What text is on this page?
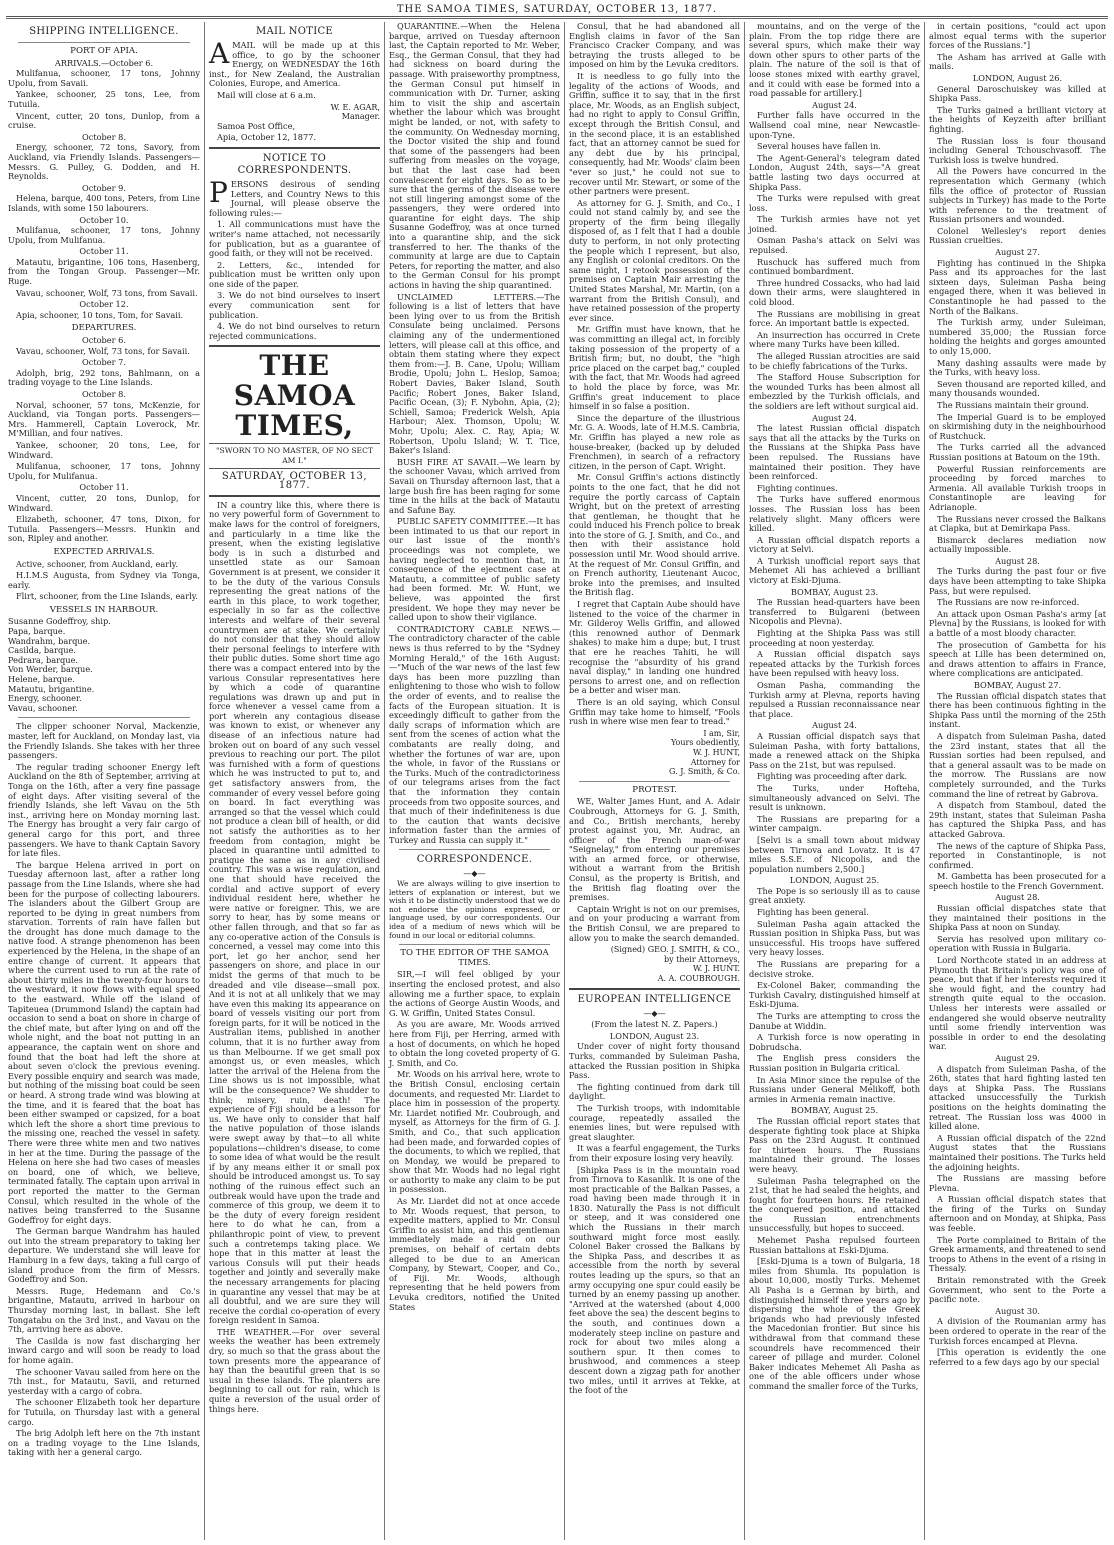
THE SAMOA TIMES, SATURDAY, OCTOBER 13, 1877.
SHIPPING INTELLIGENCE.
PORT OF APIA.
ARRIVALS.—October 6.
Mulifanua, schooner, 17 tons, Johnny Upolu, from Savaii.
Yankee, schooner, 25 tons, Lee, from Tutuila.
Vincent, cutter, 20 tons, Dunlop, from a cruise.
October 8.
Energy, schooner, 72 tons, Savory, from Auckland, via Friendly Islands. Passengers—Messrs. G. Pulley, G. Dodden, and H. Reynolds.
October 9.
Helena, barque, 400 tons, Peters, from Line Islands, with some 150 labourers.
October 10.
Mulifanua, schooner, 17 tons, Johnny Upolu, from Mulifanua.
October 11.
Matautu, brigantine, 106 tons, Hasenberg, from the Tongan Group. Passenger—Mr. Ruge.
Vavau, schooner, Wolf, 73 tons, from Savaii.
October 12.
Apia, schooner, 10 tons, Tom, for Savaii.
DEPARTURES.
October 6.
Vavau, schooner, Wolf, 73 tons, for Savaii.
October 7.
Adolph, brig, 292 tons, Bahlmann, on a trading voyage to the Line Islands.
October 8.
Norval, schooner, 57 tons, McKenzie, for Auckland, via Tongan ports. Passengers—Mrs. Hammerell, Captain Loverock, Mr. M'Millian, and four natives.
Yankee, schooner, 20 tons, Lee, for Windward.
Mulifanua, schooner, 17 tons, Johnny Upolu, for Mulifanua.
October 11.
Vincent, cutter, 20 tons, Dunlop, for Windward.
Elizabeth, schooner, 47 tons, Dixon, for Tutuila. Passengers—Messrs. Hunkin and son, Ripley and another.
EXPECTED ARRIVALS.
Active, schooner, from Auckland, early.
H.I.M.S Augusta, from Sydney via Tonga, early.
Flirt, schooner, from the Line Islands, early.
VESSELS IN HARBOUR.
Susanne Godeffroy, ship.
Papa, barque.
Wandrahm, barque.
Casilda, barque.
Pedrara, barque.
Von Werder, barque.
Helene, barque.
Matautu, brigantine.
Energy, schooner.
Vavau, schooner.
The clipper schooner Norval, Mackenzie, master, left for Auckland, on Monday last, via the Friendly Islands. She takes with her three passengers.
The regular trading schooner Energy left Auckland on the 8th of September, arriving at Tonga on the 16th, after a very fine passage of eight days. After visiting several of the friendly Islands, she left Vavau on the 5th inst., arriving here on Monday morning last. The Energy has brought a very fair cargo of general cargo for this port, and three passengers. We have to thank Captain Savory for late files.
The barque Helena arrived in port on Tuesday afternoon last, after a rather long passage from the Line Islands, where she had been for the purpose of collecting labourers. The islanders about the Gilbert Group are reported to be dying in great numbers from starvation. Torrents of rain have fallen but the drought has done much damage to the native food. A strange phenomenon has been experienced by the Helena, in the shape of an entire change of current. It appears that where the current used to run at the rate of about thirty miles in the twenty-four hours to the westward, it now flows with equal speed to the eastward. While off the island of Tapiteuea (Drummond Island) the captain had occasion to send a boat on shore in charge of the chief mate, but after lying on and off the whole night, and the boat not putting in an appearance, the captain went on shore and found that the boat had left the shore at about seven o'clock the previous evening. Every possible enquiry and search was made, but nothing of the missing boat could be seen or heard. A strong trade wind was blowing at the time, and it is feared that the boat has been either swamped or capsized, for a boat which left the shore a short time previous to the missing one, reached the vessel in safety. There were three white men and two natives in her at the time. During the passage of the Helena on here she had two cases of measles on board, one of which, we believe, terminated fatally. The captain upon arrival in port reported the matter to the German Consul, which resulted in the whole of the natives being transferred to the Susanne Godeffroy for eight days.
The German barque Wandrahm has hauled out into the stream preparatory to taking her departure. We understand she will leave for Hamburg in a few days, taking a full cargo of island produce from the firm of Messrs. Godeffroy and Son.
Messrs. Ruge, Hedemann and Co.'s brigantine, Matautu, arrived in harbour on Thursday morning last, in ballast. She left Tongatabu on the 3rd inst., and Vavau on the 7th, arriving here as above.
The Casilda is now fast discharging her inward cargo and will soon be ready to load for home again.
The schooner Vavau sailed from here on the 7th inst., for Matautu, Savii, and returned yesterday with a cargo of cobra.
The schooner Elizabeth took her departure for Tutuila, on Thursday last with a general cargo.
The brig Adolph left here on the 7th instant on a trading voyage to the Line Islands, taking with her a general cargo.
MAIL NOTICE
A MAIL will be made up at this office, to go by the schooner Energy, on WEDNESDAY the 16th inst., for New Zealand, the Australian Colonies, Europe, and America.
Mail will close at 6 a.m.
W. E. AGAR,
Manager.
Samoa Post Office,
Apia, October 12, 1877.
NOTICE TO CORRESPONDENTS.
P ERSONS desirous of sending Letters, and Country News to this Journal, will please observe the following rules:—
1. All communications must have the writer's name attached, not necessarily for publication, but as a guarantee of good faith, or they will not be received.
2. Letters, &c., intended for publication must be written only upon one side of the paper.
3. We do not bind ourselves to insert every communication sent for publication.
4. We do not bind ourselves to return rejected communications.
THE SAMOA TIMES,
"SWORN TO NO MASTER, OF NO SECT AM I."
SATURDAY, OCTOBER 13, 1877.
IN a country like this, where there is no very powerful form of Government to make laws for the control of foreigners, and particularly in a time like the present, when the existing legislative body is in such a disturbed and unsettled state as our Samoan Government is at present, we consider it to be the duty of the various Consuls representing the great nations of the earth in this place, to work together, especially in so far as the collective interests and welfare of their several countrymen are at stake. We certainly do not consider that they should allow their personal feelings to interfere with their public duties. Some short time ago there was a compact entered into by the various Consular representatives here by which a code of quarantine regulations was drawn up and put in force whenever a vessel came from a port wherein any contagious disease was known to exist, or whenever any disease of an infectious nature had broken out on board of any such vessel previous to reaching our port. The pilot was furnished with a form of questions which he was instructed to put to, and get satisfactory answers from, the commander of every vessel before going on board. In fact everything was arranged so that the vessel which could not produce a clean bill of health, or did not satisfy the authorities as to her freedom from contagion, might be placed in quarantine until admitted to pratique the same as in any civilised country. This was a wise regulation, and one that should have received the cordial and active support of every individual resident here, whether he were native or foreigner. This, we are sorry to hear, has by some means or other fallen through, and that so far as any co-operative action of the Consuls is concerned, a vessel may come into this port, let go her anchor, send her passengers on shore, and place in our midst the germs of that much to be dreaded and vile disease—small pox. And it is not at all unlikely that we may have even this making its appearance on board of vessels visiting our port from foreign parts, for it will be noticed in the Australian items, published in another column, that it is no further away from us than Melbourne. If we get small pox amongst us, or even measles, which latter the arrival of the Helena from the Line shows us is not impossible, what will be the consequence? We shudder to think; misery, ruin, death! The experience of Fiji should be a lesson for us. We have only to consider that half the native population of those islands were swept away by that—to all white populations—children's disease, to come to some idea of what would be the result if by any means either it or small pox should be introduced amongst us. To say nothing of the ruinous effect such an outbreak would have upon the trade and commerce of this group, we deem it to be the duty of every foreign resident here to do what he can, from a philanthropic point of view, to prevent such a contretemps taking place. We hope that in this matter at least the various Consuls will put their heads together and jointly and severally make the necessary arrangements for placing in quarantine any vessel that may be at all doubtful, and we are sure they will receive the cordial co-operation of every foreign resident in Samoa.
THE WEATHER.—For over several weeks the weather has been extremely dry, so much so that the grass about the town presents more the appearance of hay than the beautiful green that is so usual in these islands. The planters are beginning to call out for rain, which is quite a reversion of the usual order of things here.
QUARANTINE.—When the Helena barque, arrived on Tuesday afternoon last, the Captain reported to Mr. Weber, Esq., the German Consul, that they had had sickness on board during the passage. With praiseworthy promptness, the German Consul put himself in communication with Dr. Turner, asking him to visit the ship and ascertain whether the labour which was brought might be landed, or not, with safety to the community. On Wednesday morning, the Doctor visited the ship and found that some of the passengers had been suffering from measles on the voyage, but that the last case had been convalescent for eight days. So as to be sure that the germs of the disease were not still lingering amongst some of the passengers, they were ordered into quarantine for eight days. The ship Susanne Godeffroy, was at once turned into a quarantine ship, and the sick transferred to her. The thanks of the community at large are due to Captain Peters, for reporting the matter, and also to the German Consul for his prompt actions in having the ship quarantined.
UNCLAIMED LETTERS.—The following is a list of letters that have been lying over to us from the British Consulate being unclaimed. Persons claiming any of the undermentioned letters, will please call at this office, and obtain them stating where they expect them from:—J. B. Cane, Upolu; William Brodie, Upolu; John L. Heslop, Samoa; Robert Davies, Baker Island, South Pacific; Robert Jones, Baker Island, Pacific Ocean, (3); F. Nybohn, Apia, (2); Schiell, Samoa; Frederick Welsh, Apia Harbour; Alex. Thomson, Upolu; W. Mohr, Upolu; Alex. C. Ray, Apia; W. Robertson, Upolu Island; W. T. Tice, Baker's Island.
BUSH FIRE AT SAVAII.—We learn by the schooner Vavau, which arrived from Savaii on Thursday afternoon last, that a large bush fire has been raging for some time in the hills at the back of Matautu and Safune Bay.
PUBLIC SAFETY COMMITTEE.—It has been intimated to us that our report in our last issue of the month's proceedings was not complete, we having neglected to mention that, in consequence of the ejectment case at Matautu, a committee of public safety had been formed. Mr. W. Hunt, we believe, was appointed the first president. We hope they may never be called upon to show their vigilance.
CONTRADICTORY CABLE NEWS.—The contradictory character of the cable news is thus referred to by the "Sydney Morning Herald," of the 16th August:—"Much of the war news of the last few days has been more puzzling than enlightening to those who wish to follow the order of events, and to realise the facts of the European situation. It is exceedingly difficult to gather from the daily scraps of information which are sent from the scenes of action what the combatants are really doing, and whether the fortunes of war are, upon the whole, in favor of the Russians or the Turks. Much of the contradictoriness of our telegrams arises from the fact that the information they contain proceeds from two opposite sources, and that much of their indefiniteness is due to the caution that wants decisive information faster than the armies of Turkey and Russia can supply it."
CORRESPONDENCE.
—◆—
We are always willing to give insertion to letters of explanation or interest, but we wish it to be distinctly understood that we do not endorse the opinions expressed, or language used, by our correspondents. Our idea of a medium of news which will be found in our local or editorial columns.
TO THE EDITOR OF THE SAMOA TIMES.
SIR,—I will feel obliged by your inserting the enclosed protest, and also allowing me a further space, to explain the actions of George Austin Woods, and G. W. Griffin, United States Consul.
As you are aware, Mr. Woods arrived here from Fiji, per Herring, armed with a host of documents, on which he hoped to obtain the long coveted property of G. J. Smith, and Co.
Mr. Woods on his arrival here, wrote to the British Consul, enclosing certain documents, and requested Mr. Liardet to place him in possession of the property. Mr. Liardet notified Mr. Coubrough, and myself, as Attorneys for the firm of G. J. Smith, and Co., that such application had been made, and forwarded copies of the documents, to which we replied, that on Monday, we would be prepared to show that Mr. Woods had no legal right or authority to make any claim to be put in possession.
As Mr. Liardet did not at once accede to Mr. Woods request, that person, to expedite matters, applied to Mr. Consul Griffin to assist him, and this gentleman immediately made a raid on our premises, on behalf of certain debts alleged to be due to an American Company, by Stewart, Cooper, and Co., of Fiji. Mr. Woods, although representing that he held powers from Levuka creditors, notified the United States
Consul, that he had abandoned all English claims in favor of the San Francisco Cracker Company, and was betraying the trusts alleged to be imposed on him by the Levuka creditors.
It is needless to go fully into the legality of the actions of Woods, and Griffin, suffice it to say, that in the first place, Mr. Woods, as an English subject, had no right to apply to Consul Griffin, except through the British Consul, and in the second place, it is an established fact, that an attorney cannot be sued for any debt due by his principal, consequently, had Mr. Woods' claim been "ever so just," he could not sue to recover until Mr. Stewart, or some of the other partners were present.
As attorney for G. J. Smith, and Co., I could not stand calmly by, and see the property of the firm being illegally disposed of, as I felt that I had a double duty to perform, in not only protecting the people which I represent, but also, any English or colonial creditors. On the same night, I retook possession of the premises on Captain Mair arresting the United States Marshal, Mr. Martin, (on a warrant from the British Consul), and have retained possession of the property ever since.
Mr. Griffin must have known, that he was committing an illegal act, in forcibly taking possession of the property of a British firm; but, no doubt, the "high price placed on the carpet bag," coupled with the fact, that Mr. Woods had agreed to hold the place by force, was Mr. Griffin's great inducement to place himself in so false a position.
Since the departure of the illustrious Mr. G. A. Woods, late of H.M.S. Cambria, Mr. Griffin has played a new role as house-breaker, (backed up by deluded Frenchmen), in search of a refractory citizen, in the person of Capt. Wright.
Mr. Consul Griffin's actions distinctly points to the one fact, that he did not require the portly carcass of Captain Wright, but on the pretext of arresting that gentleman, he thought that he could induced his French police to break into the store of G. J. Smith, and Co., and then with their assistance hold possession until Mr. Wood should arrive. At the request of Mr. Consul Griffin, and on French authority, Lieutenant Aucoc, broke into the premises, and insulted the British flag.
I regret that Captain Aube should have listened to the voice of the charmer in Mr. Gilderoy Wells Griffin, and allowed (this renowned author of Denmark shakes) to make him a dupe; but, I trust that ere he reaches Tahiti, he will recognise the "absurdity of his grand naval display," in landing one hundred persons to arrest one, and on reflection be a better and wiser man.
There is an old saying, which Consul Griffin may take home to himself, "Fools rush in where wise men fear to tread."
I am, Sir,
Yours obediently,
W. J. HUNT,
Attorney for
G. J. Smith, & Co.
PROTEST.
WE, Walter James Hunt, and A. Adair Coubrough, Attorneys for G. J. Smith, and Co., British merchants, hereby protest against you, Mr. Audrac, an officer of the French man-of-war "Seignelay," from entering our premises with an armed force, or otherwise, without a warrant from the British Consul, as the property is British, and the British flag floating over the premises.
Captain Wright is not on our premises, and on your producing a warrant from the British Consul, we are prepared to allow you to make the search demanded.
(Signed) GEO. J. SMITH, & CO.,
by their Attorneys,
W. J. HUNT.
A. A. COUBROUGH.
EUROPEAN INTELLIGENCE
—◆—
(From the latest N. Z. Papers.)
LONDON, August 23.
Under cover of night forty thousand Turks, commanded by Suleiman Pasha, attacked the Russian position in Shipka Pass.
The fighting continued from dark till daylight.
The Turkish troops, with indomitable courage, repeatedly assailed the enemies lines, but were repulsed with great slaughter.
It was a fearful engagement, the Turks from their exposure losing very heavily.
[Shipka Pass is in the mountain road from Tirnova to Kasanlik. It is one of the most practicable of the Balkan Passes, a road having been made through it in 1830. Naturally the Pass is not difficult or steep, and it was considered one which the Russians in their march southward might force most easily. Colonel Baker crossed the Balkans by the Shipka Pass, and describes it as accessible from the north by several routes leading up the spurs, so that an army occupying one spur could easily be turned by an enemy passing up another. "Arrived at the watershed (about 4,000 feet above the sea) the descent begins to the south, and continues down a moderately steep incline on pasture and rock for about two miles along a southern spur. It then comes to brushwood, and commences a steep descent down a zigzag path for another two miles, until it arrives at Tekke, at the foot of the
mountains, and on the verge of the plain. From the top ridge there are several spurs, which make their way down other spurs to other parts of the plain. The nature of the soil is that of loose stones mixed with earthy gravel, and it could with ease be formed into a road passable for artillery.]
August 24.
Further falls have occurred in the Wallsend coal mine, near Newcastle-upon-Tyne.
Several houses have fallen in.
The Agent-General's telegram dated London, August 24th, says—"A great battle lasting two days occurred at Shipka Pass.
The Turks were repulsed with great loss.
The Turkish armies have not yet joined.
Osman Pasha's attack on Selvi was repulsed.
Ruschuck has suffered much from continued bombardment.
Three hundred Cossacks, who had laid down their arms, were slaughtered in cold blood.
The Russians are mobilising in great force. An important battle is expected.
An insurrection has occurred in Crete where many Turks have been killed.
The alleged Russian atrocities are said to be chiefly fabrications of the Turks.
The Stafford House Subscription for the wounded Turks has been almost all embezzled by the Turkish officials, and the soldiers are left without surgical aid.
August 24.
The latest Russian official dispatch says that all the attacks by the Turks on the Russians at the Shipka Pass have been repulsed. The Russians have maintained their position. They have been reinforced.
Fighting continues.
The Turks have suffered enormous losses. The Russian loss has been relatively slight. Many officers were killed.
A Russian official dispatch reports a victory at Selvi.
A Turkish unofficial report says that Mehemet Ali has achieved a brilliant victory at Eski-Djuma.
BOMBAY, August 23.
The Russian head-quarters have been transferred to Bulgareni (between Nicopolis and Plevna).
Fighting at the Shipka Pass was still proceeding at noon yesterday.
A Russian official dispatch says repeated attacks by the Turkish forces have been repulsed with heavy loss.
Osman Pasha, commanding the Turkish army at Plevna, reports having repulsed a Russian reconnaissance near that place.
August 24.
A Russian official dispatch says that Suleiman Pasha, with forty battalions, made a renewed attack on the Shipka Pass on the 21st, but was repulsed.
Fighting was proceeding after dark.
The Turks, under Hofteha, simultaneously advanced on Selvi. The result is unknown.
The Russians are preparing for a winter campaign.
[Selvi is a small town about midway between Tirnova and Lovatz. It is 47 miles S.S.E. of Nicopolis, and the population numbers 2,500.]
LONDON, August 25.
The Pope is so seriously ill as to cause great anxiety.
Fighting has been general.
Suleiman Pasha again attacked the Russian position in Shipka Pass, but was unsuccessful. His troops have suffered very heavy losses.
The Russians are preparing for a decisive stroke.
Ex-Colonel Baker, commanding the Turkish Cavalry, distinguished himself at Eski-Djuma.
The Turks are attempting to cross the Danube at Widdin.
A Turkish force is now operating in Dobrudscha.
The English press considers the Russian position in Bulgaria critical.
In Asia Minor since the repulse of the Russians under General Melikoff, both armies in Armenia remain inactive.
BOMBAY, August 25.
The Russian official report states that desperate fighting took place at Shipka Pass on the 23rd August. It continued for thirteen hours. The Russians maintained their ground. The losses were heavy.
Suleiman Pasha telegraphed on the 21st, that he had sealed the heights, and fought for fourteen hours. He retained the conquered position, and attacked the Russian entrenchments unsuccessfully, but hopes to succeed.
Mehemet Pasha repulsed fourteen Russian battalions at Eski-Djuma.
[Eski-Djuma is a town of Bulgaria, 18 miles from Shumla. Its population is about 10,000, mostly Turks. Mehemet Ali Pasha is a German by birth, and distinguished himself three years ago by dispersing the whole of the Greek brigands who had previously infested the Macedonian frontier. But since his withdrawal from that command these scoundrels have recommenced their career of pillage and murder. Colonel Baker indicates Mehemet Ali Pasha as one of the able officers under whose command the smaller force of the Turks,
in certain positions, "could act upon almost equal terms with the superior forces of the Russians."]
The Asham has arrived at Galle with mails.
LONDON, August 26.
General Daroschuiskey was killed at Shipka Pass.
The Turks gained a brilliant victory at the heights of Keyzeith after brilliant fighting.
The Russian loss is four thousand including General Tchouschvasoff. The Turkish loss is twelve hundred.
All the Powers have concurred in the representation which Germany (which fills the office of protector of Russian subjects in Turkey) has made to the Porte with reference to the treatment of Russian prisoners and wounded.
Colonel Wellesley's report denies Russian cruelties.
August 27.
Fighting has continued in the Shipka Pass and its approaches for the last sixteen days, Suleiman Pasha being engaged there, when it was believed in Constantinople he had passed to the North of the Balkans.
The Turkish army, under Suleiman, numbered 35,000; the Russian force holding the heights and gorges amounted to only 15,000.
Many dashing assaults were made by the Turks, with heavy loss.
Seven thousand are reported killed, and many thousands wounded.
The Russians maintain their ground.
The Imperial Guard is to be employed on skirmishing duty in the neighbourhood of Rustchuck.
The Turks carried all the advanced Russian positions at Batoum on the 19th.
Powerful Russian reinforcements are proceeding by forced marches to Armenia. All available Turkish troops in Constantinople are leaving for Adrianople.
The Russians never crossed the Balkans at Clapka, but at Demirkapa Pass.
Bismarck declares mediation now actually impossible.
August 28.
The Turks during the past four or five days have been attempting to take Shipka Pass, but were repulsed.
The Russians are now re-inforced.
An attack upon Osman Pasha's army [at Plevna] by the Russians, is looked for with a battle of a most bloody character.
The prosecution of Gambetta for his speech at Lille has been determined on, and draws attention to affairs in France, where complications are anticipated.
BOMBAY, August 27.
The Russian official dispatch states that there has been continuous fighting in the Shipka Pass until the morning of the 25th instant.
A dispatch from Suleiman Pasha, dated the 23rd instant, states that all the Russian sorties had been repulsed, and that a general assault was to be made on the morrow. The Russians are now completely surrounded, and the Turks command the line of retreat by Gabrova.
A dispatch from Stamboul, dated the 29th instant, states that Suleiman Pasha has captured the Shipka Pass, and has attacked Gabrova.
The news of the capture of Shipka Pass, reported in Constantinople, is not confirmed.
M. Gambetta has been prosecuted for a speech hostile to the French Government.
August 28.
Russian official dispatches state that they maintained their positions in the Shipka Pass at noon on Sunday.
Servia has resolved upon military co-operation with Russia in Bulgaria.
Lord Northcote stated in an address at Plymouth that Britain's policy was one of peace, but that if her interests required it she would fight, and the country had strength quite equal to the occasion. Unless her interests were assailed or endangered she would observe neutrality until some friendly intervention was possible in order to end the desolating war.
August 29.
A dispatch from Suleiman Pasha, of the 26th, states that hard fighting lasted ten days at Shipka Pass. The Russians attacked unsuccessfully the Turkish positions on the heights dominating the retreat. The Russian loss was 4000 in killed alone.
A Russian official dispatch of the 22nd August states that the Russians maintained their positions. The Turks held the adjoining heights.
The Russians are massing before Plevna.
A Russian official dispatch states that the firing of the Turks on Sunday afternoon and on Monday, at Shipka, Pass was feeble.
The Porte complained to Britain of the Greek armaments, and threatened to send troops to Athens in the event of a rising in Thessaly.
Britain remonstrated with the Greek Government, who sent to the Porte a pacific note.
August 30.
A division of the Roumanian army has been ordered to operate in the rear of the Turkish forces encamped at Plevna.
[This operation is evidently the one referred to a few days ago by our special
